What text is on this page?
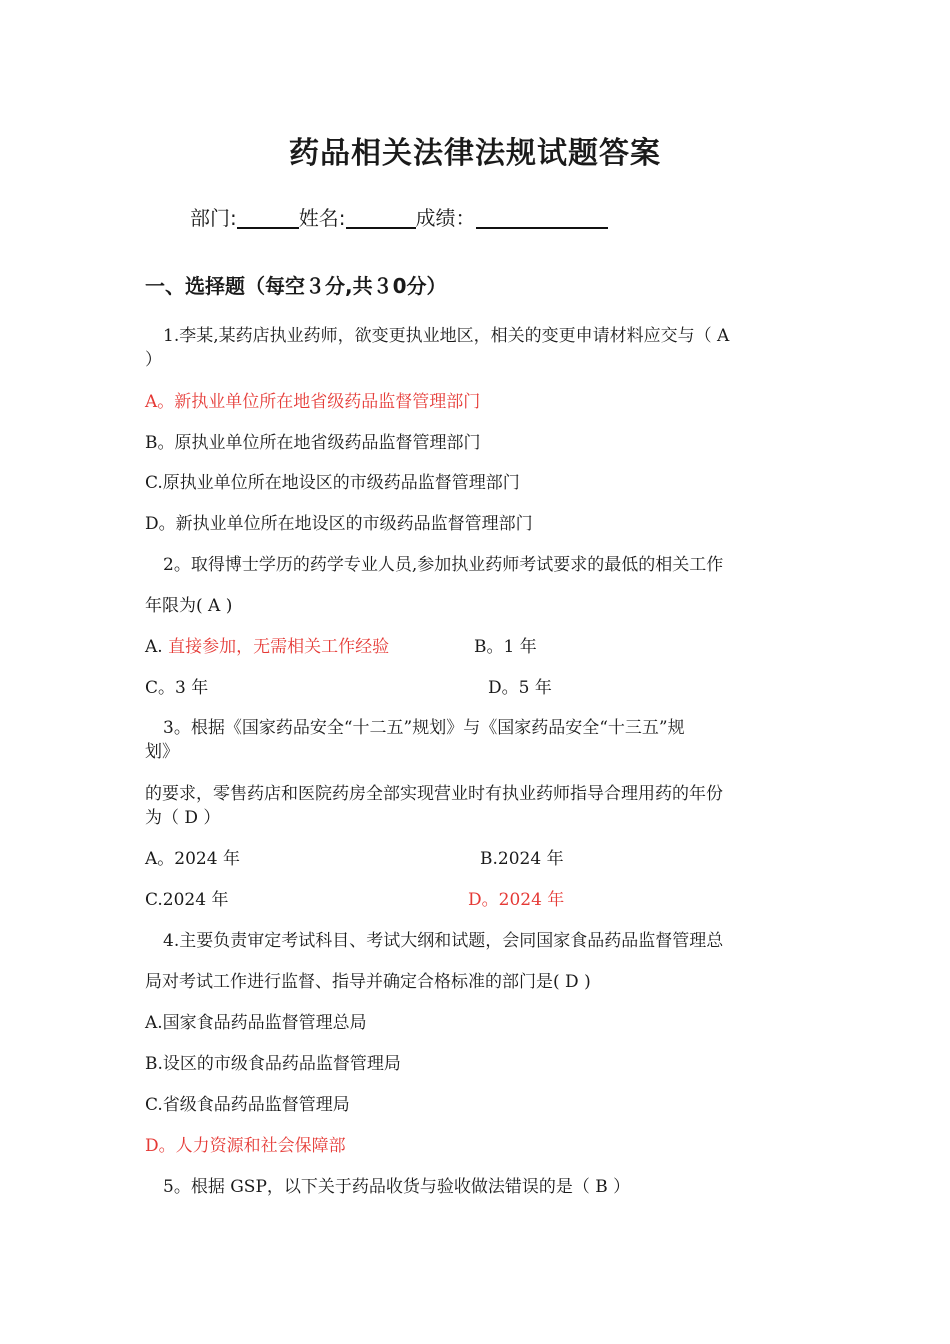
药品相关法律法规试题答案
部门:	姓名:	成绩：
一、选择题（每空３分,共３0分）
1.李某,某药店执业药师，欲变更执业地区，相关的变更申请材料应交与（ A
）
A。新执业单位所在地省级药品监督管理部门
B。原执业单位所在地省级药品监督管理部门
C.原执业单位所在地设区的市级药品监督管理部门
D。新执业单位所在地设区的市级药品监督管理部门
2。取得博士学历的药学专业人员,参加执业药师考试要求的最低的相关工作
年限为( A )
A. 直接参加，无需相关工作经验	B。1 年
C。3 年	D。5 年
3。根据《国家药品安全“十二五”规划》与《国家药品安全“十三五”规
划》
的要求，零售药店和医院药房全部实现营业时有执业药师指导合理用药的年份
为（ D ）
A。2024 年	B.2024 年
C.2024 年	D。2024 年
4.主要负责审定考试科目、考试大纲和试题，会同国家食品药品监督管理总
局对考试工作进行监督、指导并确定合格标准的部门是( D )
A.国家食品药品监督管理总局
B.设区的市级食品药品监督管理局
C.省级食品药品监督管理局
D。人力资源和社会保障部
5。根据 GSP，以下关于药品收货与验收做法错误的是（ B ）
